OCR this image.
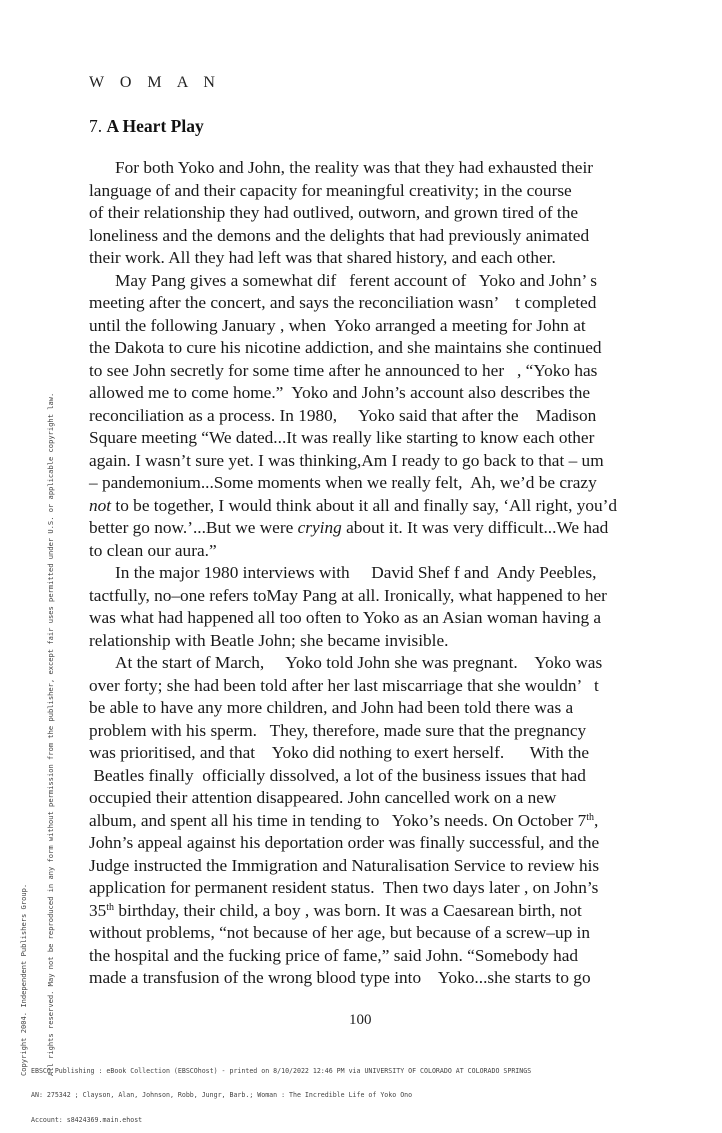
W O M A N
7. A Heart Play
For both Yoko and John, the reality was that they had exhausted their
language of and their capacity for meaningful creativity; in the course
of their relationship they had outlived, outworn, and grown tired of the
loneliness and the demons and the delights that had previously animated
their work. All they had left was that shared history, and each other.
May Pang gives a somewhat dif   ferent account of   Yoko and John’ s
meeting after the concert, and says the reconciliation wasn’    t completed
until the following January , when  Yoko arranged a meeting for John at
the Dakota to cure his nicotine addiction, and she maintains she continued
to see John secretly for some time after he announced to her   , “Yoko has
allowed me to come home.”  Yoko and John’s account also describes the
reconciliation as a process. In 1980,     Yoko said that after the    Madison
Square meeting “We dated...It was really like starting to know each other
again. I wasn’t sure yet. I was thinking,Am I ready to go back to that – um
– pandemonium...Some moments when we really felt,  Ah, we’d be crazy
not to be together, I would think about it all and finally say, ‘All right, you’d
better go now.’...But we were crying about it. It was very difficult...We had
to clean our aura.”
In the major 1980 interviews with     David Shef f and  Andy Peebles,
tactfully, no–one refers toMay Pang at all. Ironically, what happened to her
was what had happened all too often to Yoko as an Asian woman having a
relationship with Beatle John; she became invisible.
At the start of March,     Yoko told John she was pregnant.    Yoko was
over forty; she had been told after her last miscarriage that she wouldn’   t
be able to have any more children, and John had been told there was a
problem with his sperm.   They, therefore, made sure that the pregnancy
was prioritised, and that    Yoko did nothing to exert herself.      With the
Beatles finally  officially dissolved, a lot of the business issues that had
occupied their attention disappeared. John cancelled work on a new
album, and spent all his time in tending to   Yoko’s needs. On October 7th,
John’s appeal against his deportation order was finally successful, and the
Judge instructed the Immigration and Naturalisation Service to review his
application for permanent resident status.  Then two days later , on John’s
35th birthday, their child, a boy , was born. It was a Caesarean birth, not
without problems, “not because of her age, but because of a screw–up in
the hospital and the fucking price of fame,” said John. “Somebody had
made a transfusion of the wrong blood type into    Yoko...she starts to go
100

Copyright 2004. Independent Publishers Group.

	All rights reserved. May not be reproduced in any form without permission from the publisher, except fair uses permitted under U.S. or applicable copyright law.

EBSCO Publishing : eBook Collection (EBSCOhost) - printed on 8/10/2022 12:46 PM via UNIVERSITY OF COLORADO AT COLORADO SPRINGS

AN: 275342 ; Clayson, Alan, Johnson, Robb, Jungr, Barb.; Woman : The Incredible Life of Yoko Ono

Account: s8424369.main.ehost
